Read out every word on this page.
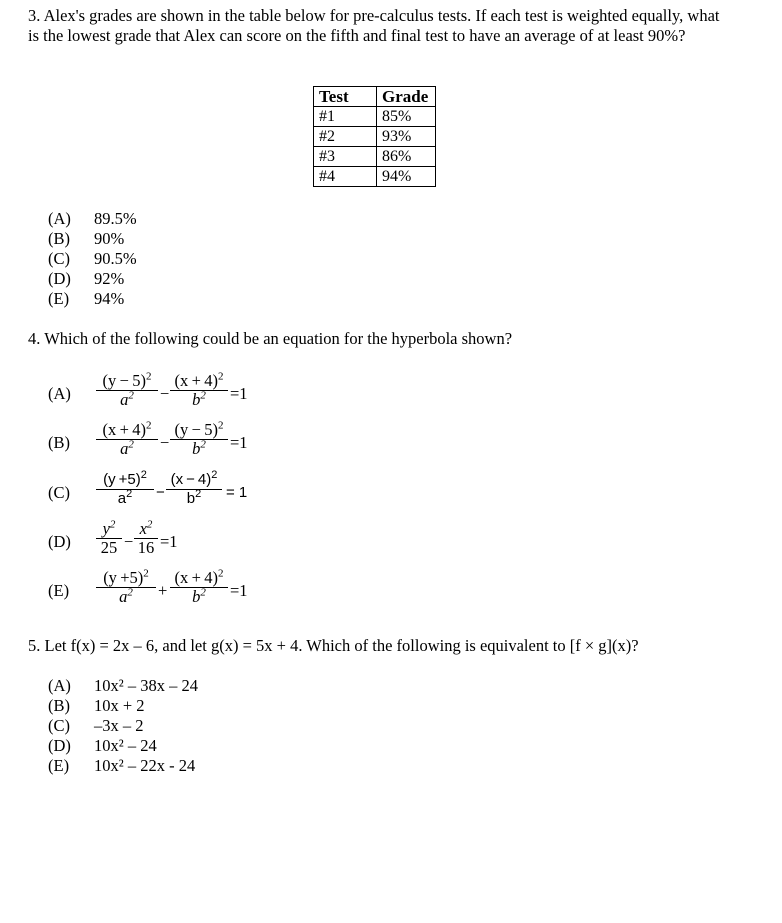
3. Alex's grades are shown in the table below for pre-calculus tests. If each test is weighted equally, what is the lowest grade that Alex can score on the fifth and final test to have an average of at least 90%?
Test	Grade
#1	85%
#2	93%
#3	86%
#4	94%
(A) 89.5%
(B) 90%
(C) 90.5%
(D) 92%
(E) 94%
4. Which of the following could be an equation for the hyperbola shown?
(A)
$(y - 5)^2$
$a^2$	−
$(x + 4)^2$
$b^2$	=1
(B)
$(x + 4)^2$
$a^2$	−
$(y - 5)^2$
$b^2$	=1
(C)
$(y +5)^2$
$a^2$	−
$(x - 4)^2$
$b^2$	= 1
(D)
$y^2$
25 −
$x^2$
16 =1
(E)
$(y +5)^2$
$a^2$	+
$(x + 4)^2$
$b^2$	=1
5. Let f(x) = 2x – 6, and let g(x) = 5x + 4. Which of the following is equivalent to [f × g](x)?
(A) 10x² – 38x – 24
(B) 10x + 2
(C) –3x – 2
(D) 10x² – 24
(E) 10x² – 22x - 24
